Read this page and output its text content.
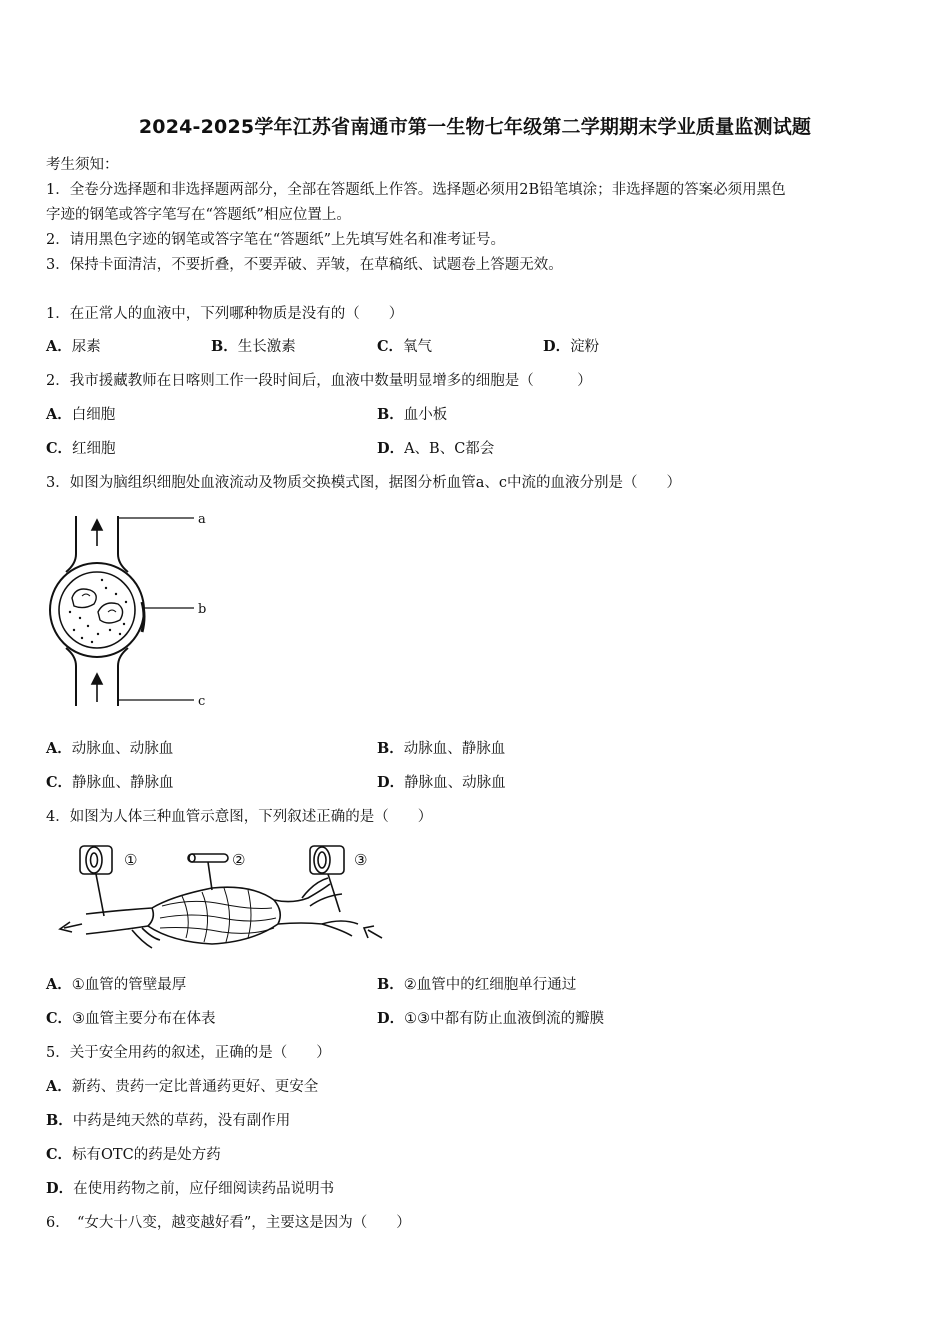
2024-2025学年江苏省南通市第一生物七年级第二学期期末学业质量监测试题
考生须知：
1．全卷分选择题和非选择题两部分，全部在答题纸上作答。选择题必须用2B铅笔填涂；非选择题的答案必须用黑色
字迹的钢笔或答字笔写在“答题纸”相应位置上。
2．请用黑色字迹的钢笔或答字笔在“答题纸”上先填写姓名和准考证号。
3．保持卡面清洁，不要折叠，不要弄破、弄皱，在草稿纸、试题卷上答题无效。
1．在正常人的血液中，下列哪种物质是没有的（　　）
A．尿素	B．生长激素	C．氧气	D．淀粉
2．我市援藏教师在日喀则工作一段时间后，血液中数量明显增多的细胞是（　　　）
A．白细胞	B．血小板
C．红细胞	D．A、B、C都会
3．如图为脑组织细胞处血液流动及物质交换模式图，据图分析血管a、c中流的血液分别是（　　）
a
b
c
A．动脉血、动脉血	B．动脉血、静脉血
C．静脉血、静脉血	D．静脉血、动脉血
4．如图为人体三种血管示意图，下列叙述正确的是（　　）
①	②	③
A．①血管的管壁最厚	B．②血管中的红细胞单行通过
C．③血管主要分布在体表	D．①③中都有防止血液倒流的瓣膜
5．关于安全用药的叙述，正确的是（　　）
A．新药、贵药一定比普通药更好、更安全
B．中药是纯天然的草药，没有副作用
C．标有OTC的药是处方药
D．在使用药物之前，应仔细阅读药品说明书
6．　“女大十八变，越变越好看”，主要这是因为（　　）
